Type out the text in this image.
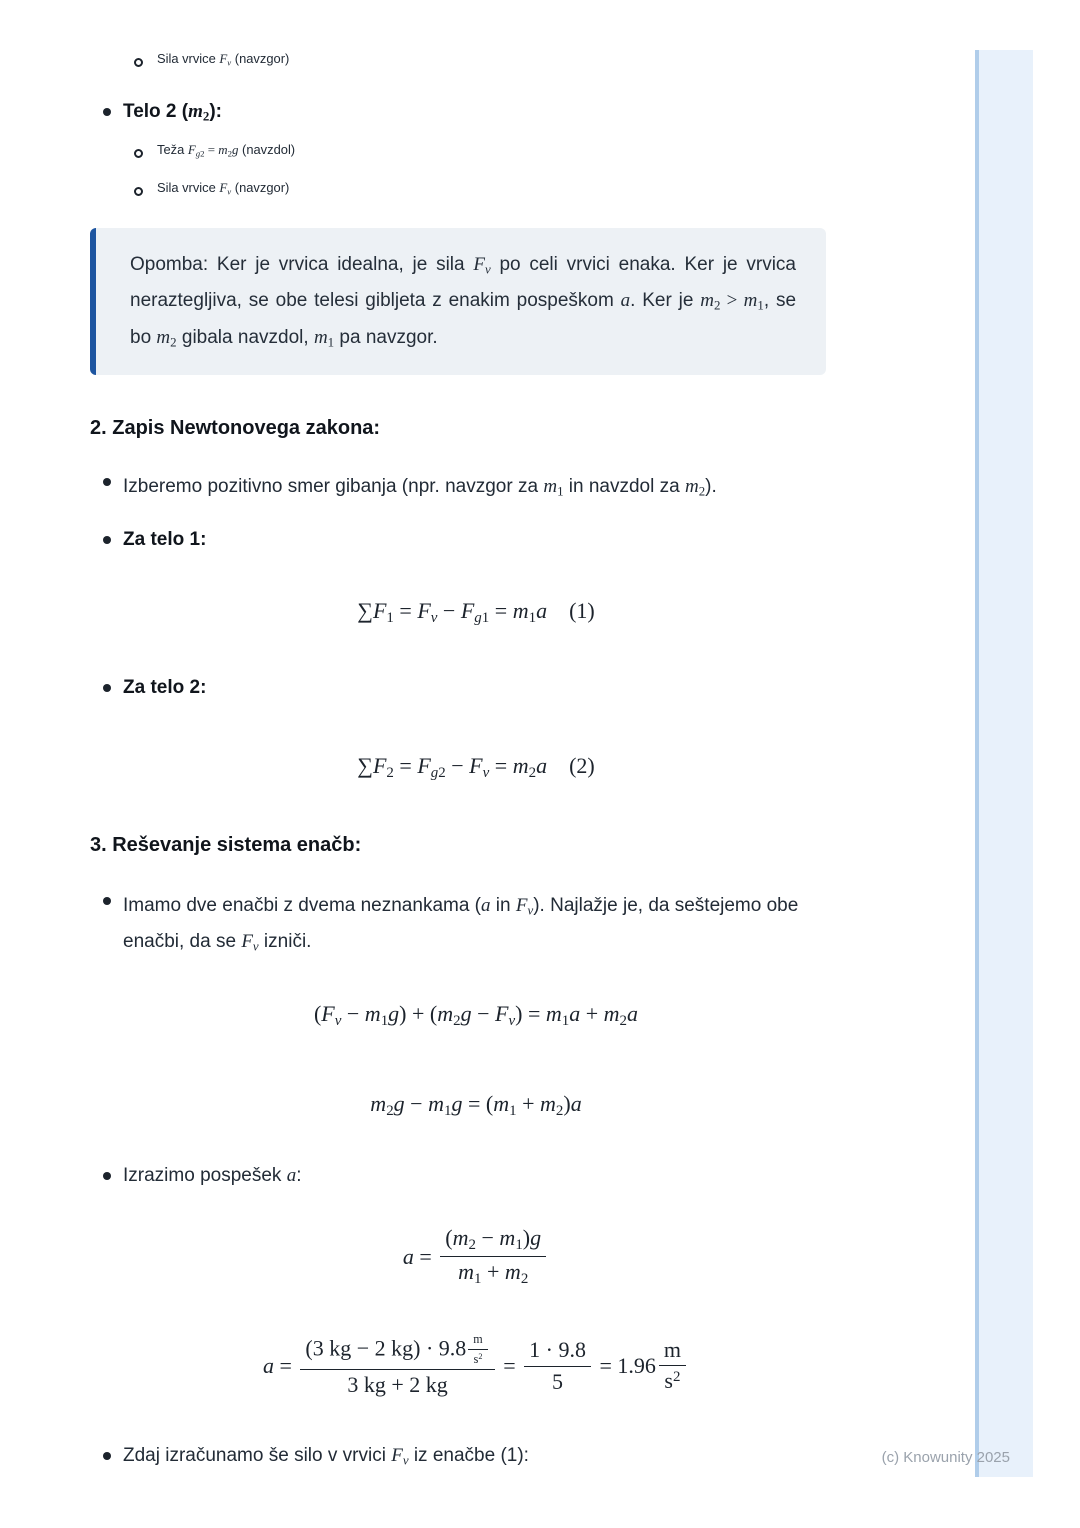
Sila vrvice Fv (navzgor)
Telo 2 $(m_2)$:
Teža $Fg_2 = m_2g$ (navzdol)
Sila vrvice Fv (navzgor)
Opomba: Ker je vrvica idealna, je sila Fv po celi vrvici enaka. Ker je vrvica neraztegljiva, se obe telesi gibljeta z enakim pospeškom a. Ker je $m_2 > m_1$, se bo $m_2$ gibala navzdol, $m_1$ pa navzgor.
2. Zapis Newtonovega zakona:
Izberemo pozitivno smer gibanja (npr. navzgor za $m_1$ in navzdol za $m_2$).
Za telo 1:
$\sum F_1 = Fv - Fg_1 = m_1a$    (1)
Za telo 2:
$\sum F_2 = Fg_2 - Fv = m_2a$    (2)
3. Reševanje sistema enačb:
Imamo dve enačbi z dvema neznankama (a in Fv). Najlažje je, da seštejemo obe enačbi, da se Fv izniči.
$(Fv - m_1g) + (m_2g - Fv) = m_1a + m_2a$
$m_2g - m_1g = (m_1 + m_2)a$
Izrazimo pospešek a:
$a = \frac{(m_2 - m_1)g}{m_1 + m_2}$
$a = \frac{(3 kg - 2 kg) \cdot 9.8 \frac{m}{s^2}}{3 kg + 2 kg} = \frac{1 \cdot 9.8}{5} = 1.96 \frac{m}{s^2}$
Zdaj izračunamo še silo v vrvici Fv iz enačbe (1):	(c) Knowunity 2025
